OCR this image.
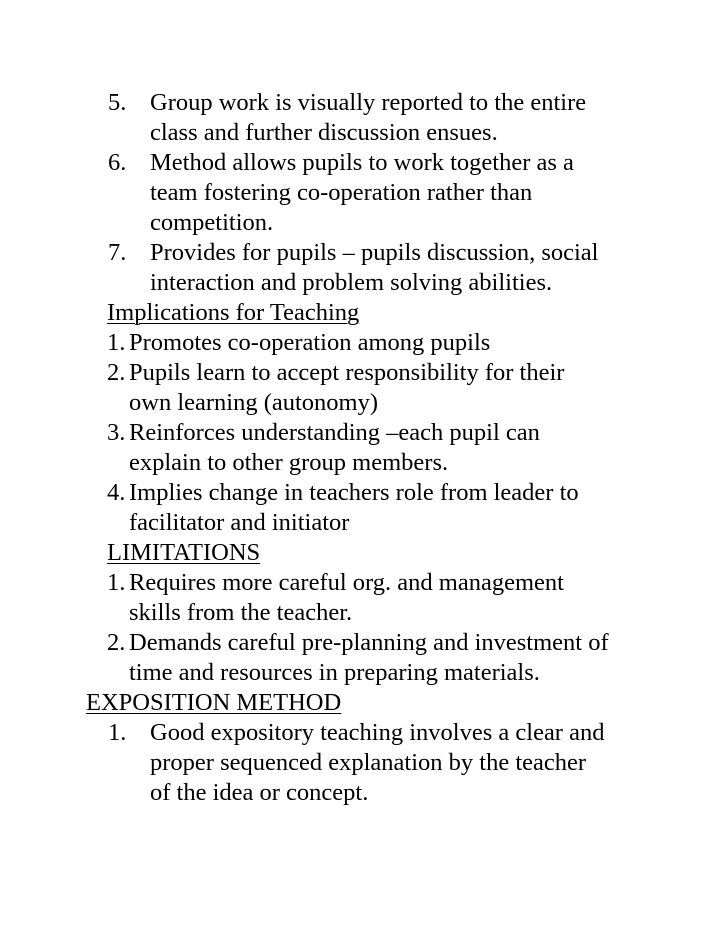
5. Group work is visually reported to the entire
class and further discussion ensues.
6. Method allows pupils to work together as a
team fostering co-operation rather than
competition.
7. Provides for pupils – pupils discussion, social
interaction and problem solving abilities.
Implications for Teaching
1. Promotes co-operation among pupils
2. Pupils learn to accept responsibility for their
own learning (autonomy)
3. Reinforces understanding –each pupil can
explain to other group members.
4. Implies change in teachers role from leader to
facilitator and initiator
LIMITATIONS
1. Requires more careful org. and management
skills from the teacher.
2. Demands careful pre-planning and investment of
time and resources in preparing materials.
EXPOSITION METHOD
1. Good expository teaching involves a clear and
proper sequenced explanation by the teacher
of the idea or concept.
